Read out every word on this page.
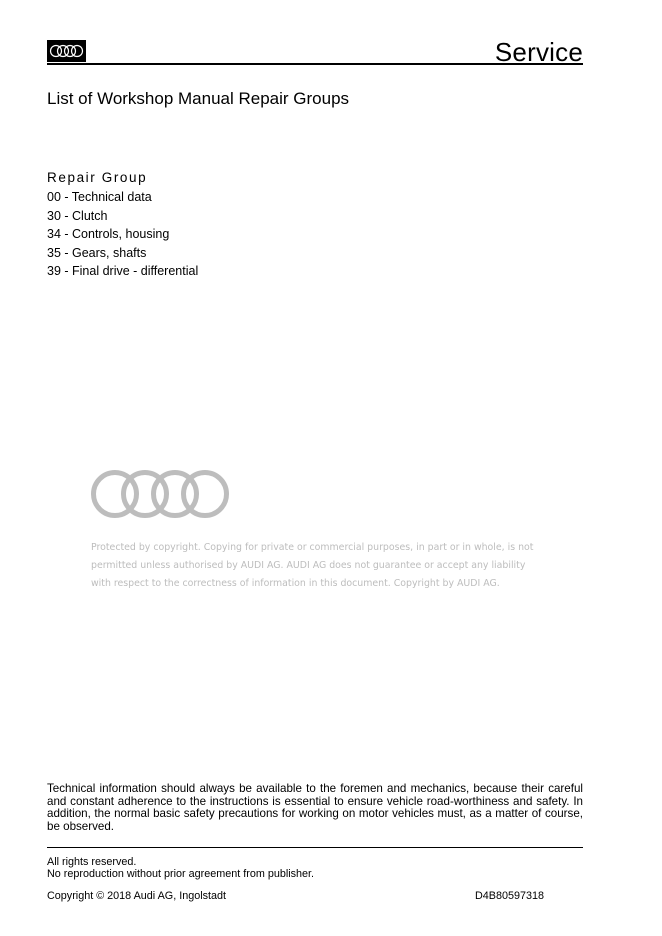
Service
List of Workshop Manual Repair Groups
Repair Group
00 - Technical data
30 - Clutch
34 - Controls, housing
35 - Gears, shafts
39 - Final drive - differential
Protected by copyright. Copying for private or commercial purposes, in part or in whole, is not
permitted unless authorised by AUDI AG. AUDI AG does not guarantee or accept any liability
with respect to the correctness of information in this document. Copyright by AUDI AG.
Technical information should always be available to the foremen and mechanics, because their careful and constant adherence to the instructions is essential to ensure vehicle road-worthiness and safety. In addition, the normal basic safety precautions for working on motor vehicles must, as a matter of course, be observed.
All rights reserved.
No reproduction without prior agreement from publisher.
Copyright © 2018 Audi AG, Ingolstadt	D4B80597318
